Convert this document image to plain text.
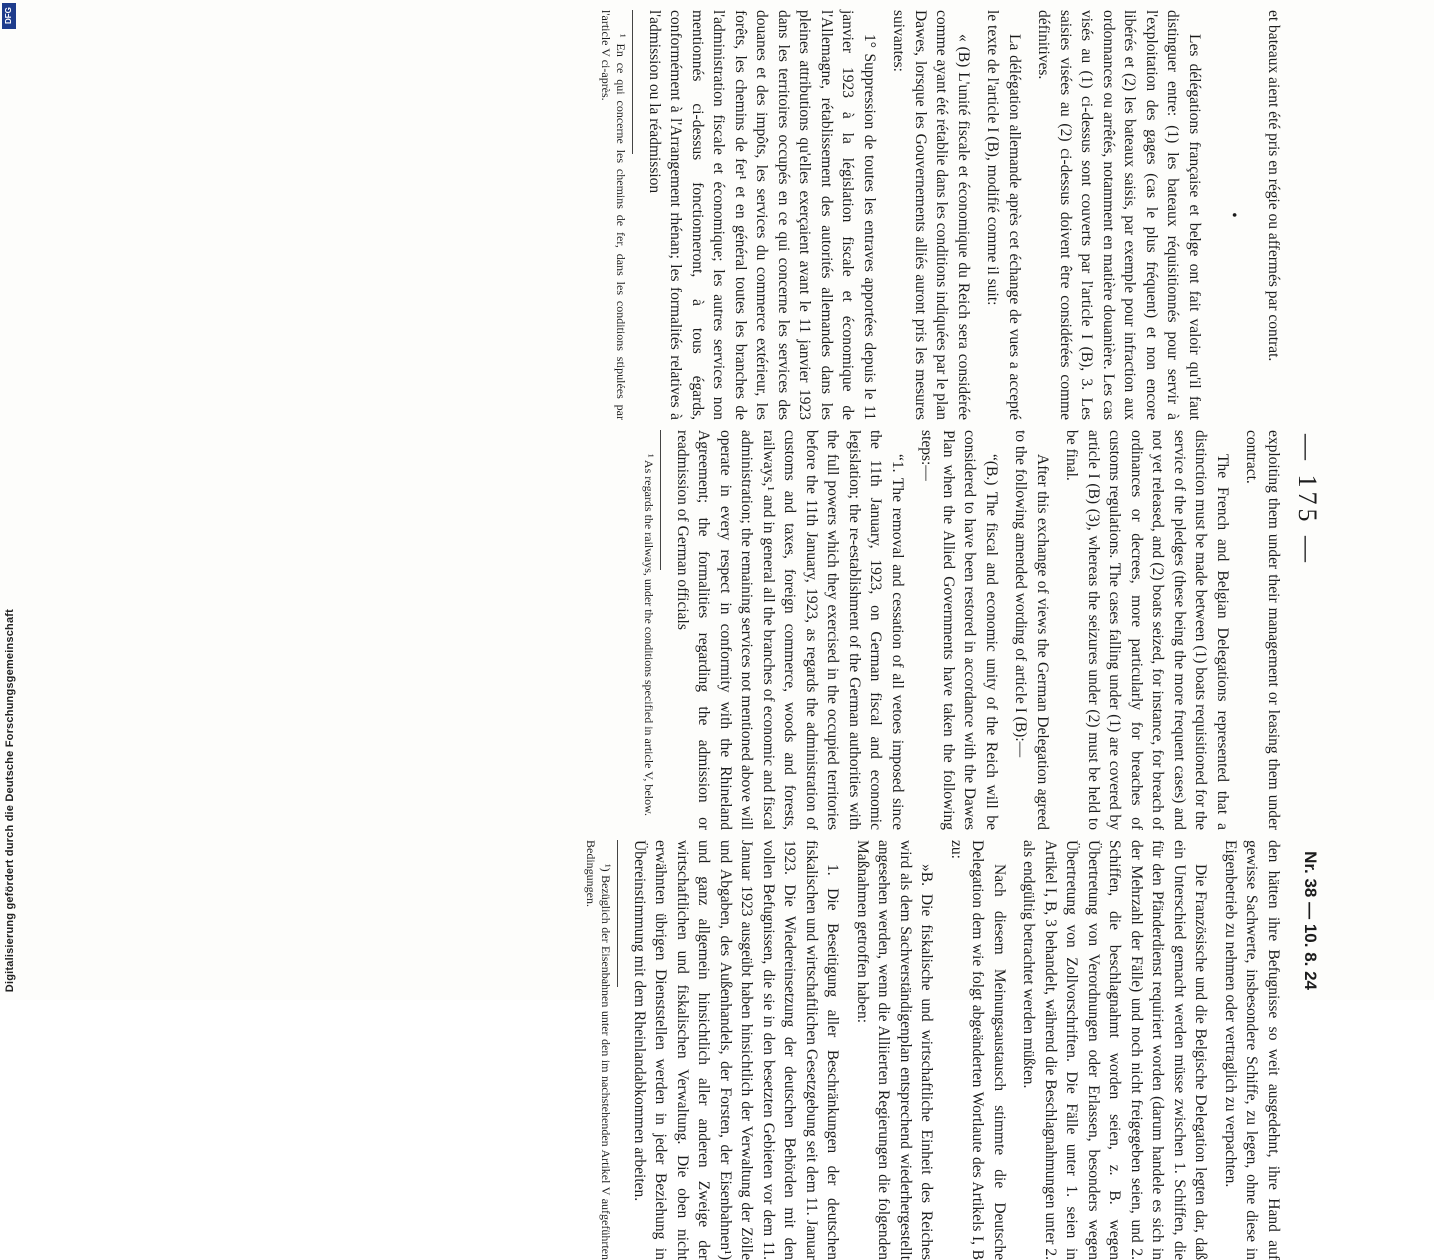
— 175 —
Nr. 38 — 10. 8. 24

et bateaux aient été pris en régie ou affermés par contrat.

•

Les délégations française et belge ont fait valoir qu'il faut distinguer entre: (1) les bateaux réquisitionnés pour servir à l'exploitation des gages (cas le plus fréquent) et non encore libérés et (2) les bateaux saisis, par exemple pour infraction aux ordonnances ou arrêtés, notamment en matière douanière. Les cas visés au (1) ci-dessus sont couverts par l'article I (B), 3. Les saisies visées au (2) ci-dessus doivent être considérées comme définitives.

La délégation allemande après cet échange de vues a accepté le texte de l'article I (B), modifié comme il suit:

« (B) L'unité fiscale et économique du Reich sera considérée comme ayant été rétablie dans les conditions indiquées par le plan Dawes, lorsque les Gouvernements alliés auront pris les mesures suivantes:

1° Suppression de toutes les entraves apportées depuis le 11 janvier 1923 à la législation fiscale et économique de l'Allemagne, rétablissement des autorités allemandes dans les pleines attributions qu'elles exerçaient avant le 11 janvier 1923 dans les territoires occupés en ce qui concerne les services des douanes et des impôts, les services du commerce extérieur, les forêts, les chemins de fer¹ et en général toutes les branches de l'administration fiscale et économique; les autres services non mentionnés ci-dessus fonctionneront, à tous égards, conformément à l'Arrangement rhénan; les formalités relatives à l'admission ou la réadmission

¹ En ce qui concerne les chemins de fer, dans les conditions stipulées par l'article V ci-après.

exploiting them under their management or leasing them under contract.

The French and Belgian Delegations represented that a distinction must be made between (1) boats requisitioned for the service of the pledges (these being the more frequent cases) and not yet released, and (2) boats seized, for instance, for breach of ordinances or decrees, more particularly for breaches of customs regulations. The cases falling under (1) are covered by article I (B) (3), whereas the seizures under (2) must be held to be final.

After this exchange of views the German Delegation agreed to the following amended wording of article I (B):—

“(B.) The fiscal and economic unity of the Reich will be considered to have been restored in accordance with the Dawes Plan when the Allied Governments have taken the following steps:—

“1. The removal and cessation of all vetoes imposed since the 11th January, 1923, on German fiscal and economic legislation; the re-establishment of the German authorities with the full powers which they exercised in the occupied territories before the 11th January, 1923, as regards the administration of customs and taxes, foreign commerce, woods and forests, railways,¹ and in general all the branches of economic and fiscal administration; the remaining services not mentioned above will operate in every respect in conformity with the Rhineland Agreement; the formalities regarding the admission or readmission of German officials

¹ As regards the railways, under the conditions specified in article V, below.

den hätten ihre Befugnisse so weit ausgedehnt, ihre Hand auf gewisse Sachwerte, insbesondere Schiffe, zu legen, ohne diese in Eigenbetrieb zu nehmen oder vertraglich zu verpachten.

Die Französische und die Belgische Delegation legten dar, daß ein Unterschied gemacht werden müsse zwischen 1. Schiffen, die für den Pfänderdienst requiriert worden (darum handele es sich in der Mehrzahl der Fälle) und noch nicht freigegeben seien, und 2. Schiffen, die beschlagnahmt worden seien, z. B. wegen Übertretung von Verordnungen oder Erlassen, besonders wegen Übertretung von Zollvorschriften. Die Fälle unter 1. seien in Artikel I, B, 3 behandelt, während die Beschlagnahmungen unter 2. als endgültig betrachtet werden müßten.

Nach diesem Meinungsaustausch stimmte die Deutsche Delegation dem wie folgt abgeänderten Wortlaute des Artikels I, B zu:

»B. Die fiskalische und wirtschaftliche Einheit des Reiches wird als dem Sachverständigenplan entsprechend wiederhergestellt angesehen werden, wenn die Alliierten Regierungen die folgenden Maßnahmen getroffen haben:

1. Die Beseitigung aller Beschränkungen der deutschen fiskalischen und wirtschaftlichen Gesetzgebung seit dem 11. Januar 1923. Die Wiedereinsetzung der deutschen Behörden mit den vollen Befugnissen, die sie in den besetzten Gebieten vor dem 11. Januar 1923 ausgeübt haben hinsichtlich der Verwaltung der Zölle und Abgaben, des Außenhandels, der Forsten, der Eisenbahnen¹) und ganz allgemein hinsichtlich aller anderen Zweige der wirtschaftlichen und fiskalischen Verwaltung. Die oben nicht erwähnten übrigen Dienststellen werden in jeder Beziehung in Übereinstimmung mit dem Rheinlandabkommen arbeiten.

¹) Bezüglich der Eisenbahnen unter den im nachstehenden Artikel V aufgeführten Bedingungen.

DFG
Digitalisierung gefördert durch die Deutsche Forschungsgemeinschaft
